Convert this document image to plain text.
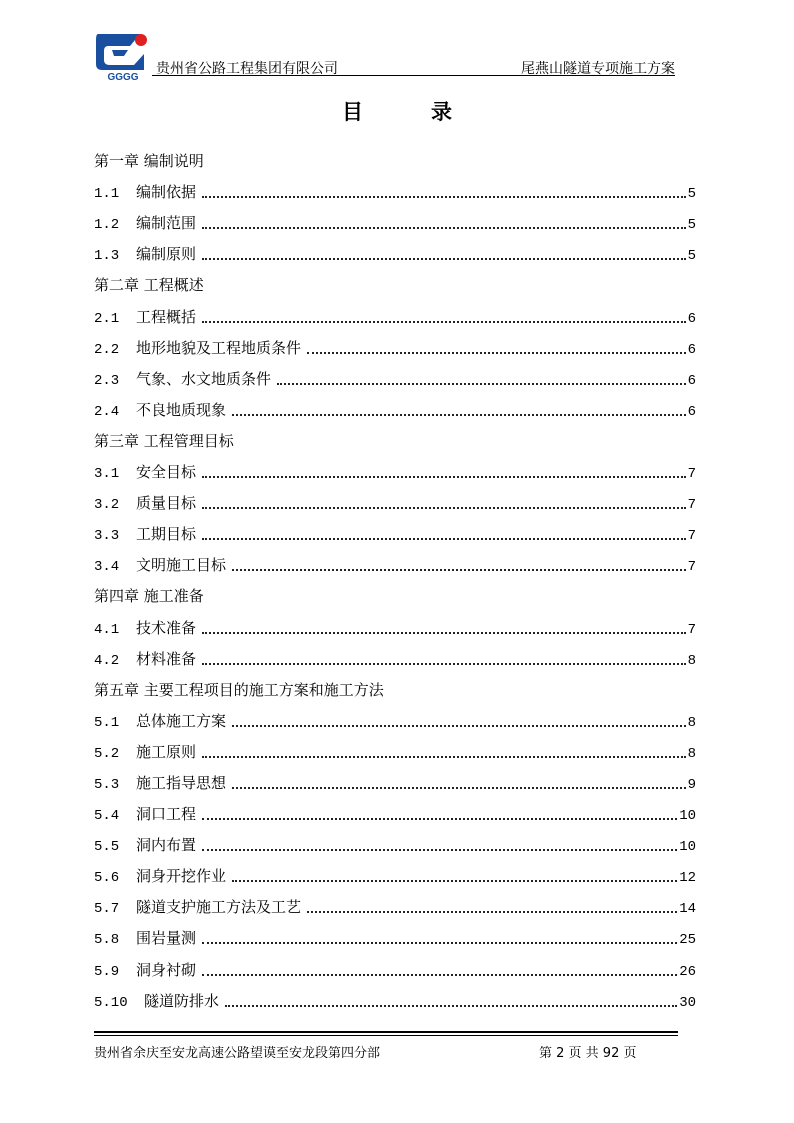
GGGG
贵州省公路工程集团有限公司	尾燕山隧道专项施工方案
目	录
第一章 编制说明
1.1	编制依据	5
1.2	编制范围	5
1.3	编制原则	5
第二章 工程概述
2.1	工程概括	6
2.2	地形地貌及工程地质条件	6
2.3	气象、水文地质条件	6
2.4	不良地质现象	6
第三章 工程管理目标
3.1	安全目标	7
3.2	质量目标	7
3.3	工期目标	7
3.4	文明施工目标	7
第四章 施工准备
4.1	技术准备	7
4.2	材料准备	8
第五章 主要工程项目的施工方案和施工方法
5.1	总体施工方案	8
5.2	施工原则	8
5.3	施工指导思想	9
5.4	洞口工程	10
5.5	洞内布置	10
5.6	洞身开挖作业	12
5.7	隧道支护施工方法及工艺	14
5.8	围岩量测	25
5.9	洞身衬砌	26
5.10	隧道防排水	30
贵州省余庆至安龙高速公路望谟至安龙段第四分部	第 2 页 共 92 页
